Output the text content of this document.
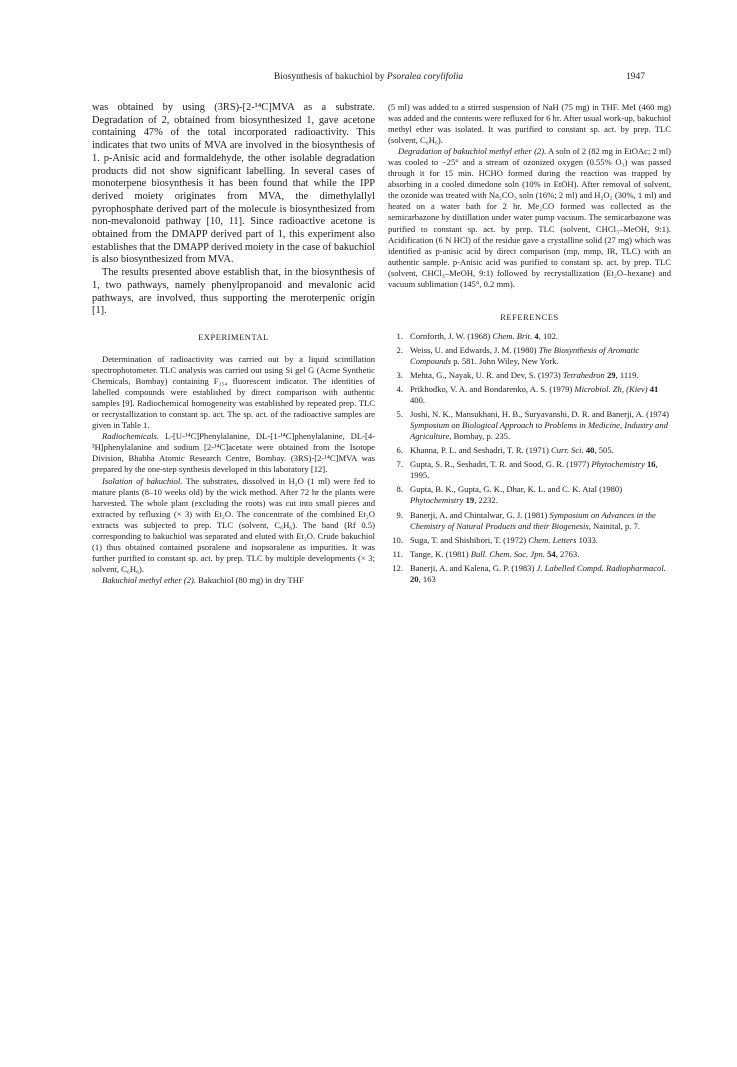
Biosynthesis of bakuchiol by Psoralea corylifolia	1947

was obtained by using (3RS)-[2-¹⁴C]MVA as a substrate. Degradation of 2, obtained from biosynthesized 1, gave acetone containing 47% of the total incorporated radioactivity. This indicates that two units of MVA are involved in the biosynthesis of 1. p-Anisic acid and formaldehyde, the other isolable degradation products did not show significant labelling. In several cases of monoterpene biosynthesis it has been found that while the IPP derived moiety originates from MVA, the dimethylallyl pyrophosphate derived part of the molecule is biosynthesized from non-mevalonoid pathway [10, 11]. Since radioactive acetone is obtained from the DMAPP derived part of 1, this experiment also establishes that the DMAPP derived moiety in the case of bakuchiol is also biosynthesized from MVA.

The results presented above establish that, in the biosynthesis of 1, two pathways, namely phenylpropanoid and mevalonic acid pathways, are involved, thus supporting the meroterpenic origin [1].

EXPERIMENTAL

Determination of radioactivity was carried out by a liquid scintillation spectrophotometer. TLC analysis was carried out using Si gel G (Acme Synthetic Chemicals, Bombay) containing F₂₅₄ fluorescent indicator. The identities of labelled compounds were established by direct comparison with authentic samples [9]. Radiochemical homogeneity was established by repeated prep. TLC or recrystallization to constant sp. act. The sp. act. of the radioactive samples are given in Table 1.

Radiochemicals. L-[U-¹⁴C]Phenylalanine, DL-[1-¹⁴C]phenylalanine, DL-[4-³H]phenylalanine and sodium [2-¹⁴C]acetate were obtained from the Isotope Division, Bhabha Atomic Research Centre, Bombay. (3RS)-[2-¹⁴C]MVA was prepared by the one-step synthesis developed in this laboratory [12].

Isolation of bakuchiol. The substrates, dissolved in H₂O (1 ml) were fed to mature plants (8–10 weeks old) by the wick method. After 72 hr the plants were harvested. The whole plant (excluding the roots) was cut into small pieces and extracted by refluxing (× 3) with Et₂O. The concentrate of the combined Et₂O extracts was subjected to prep. TLC (solvent, C₆H₆). The band (Rf 0.5) corresponding to bakuchiol was separated and eluted with Et₂O. Crude bakuchiol (1) thus obtained contained psoralene and isopsoralene as impurities. It was further purified to constant sp. act. by prep. TLC by multiple developments (× 3; solvent, C₆H₆).

Bakuchiol methyl ether (2). Bakuchiol (80 mg) in dry THF

(5 ml) was added to a stirred suspension of NaH (75 mg) in THF. MeI (460 mg) was added and the contents were refluxed for 6 hr. After usual work-up, bakuchiol methyl ether was isolated. It was purified to constant sp. act. by prep. TLC (solvent, C₆H₆).

Degradation of bakuchiol methyl ether (2). A soln of 2 (82 mg in EtOAc; 2 ml) was cooled to −25° and a stream of ozonized oxygen (0.55% O₃) was passed through it for 15 min. HCHO formed during the reaction was trapped by absorbing in a cooled dimedone soln (10% in EtOH). After removal of solvent, the ozonide was treated with Na₂CO₃ soln (16%; 2 ml) and H₂O₂ (30%, 1 ml) and heated on a water bath for 2 hr. Me₂CO formed was collected as the semicarbazone by distillation under water pump vacuum. The semicarbazone was purified to constant sp. act. by prep. TLC (solvent, CHCl₃–MeOH, 9:1). Acidification (6 N HCl) of the residue gave a crystalline solid (27 mg) which was identified as p-anisic acid by direct comparison (mp, mmp, IR, TLC) with an authentic sample. p-Anisic acid was purified to constant sp. act. by prep. TLC (solvent, CHCl₃–MeOH, 9:1) followed by recrystallization (Et₂O–hexane) and vacuum sublimation (145°, 0.2 mm).

REFERENCES
1. Cornforth, J. W. (1968) Chem. Brit. 4, 102.
2. Weiss, U. and Edwards, J. M. (1980) The Biosynthesis of Aromatic Compounds p. 581. John Wiley, New York.
3. Mehta, G., Nayak, U. R. and Dev, S. (1973) Tetrahedron 29, 1119.
4. Prikhodko, V. A. and Bondarenko, A. S. (1979) Microbiol. Zh, (Kiev) 41 400.
5. Joshi, N. K., Mansukhani, H. B., Suryavanshi, D. R. and Banerji, A. (1974) Symposium on Biological Approach to Problems in Medicine, Industry and Agriculture, Bombay, p. 235.
6. Khanna, P. L. and Seshadri, T. R. (1971) Curr. Sci. 40, 505.
7. Gupta, S. R., Seshadri, T. R. and Sood, G. R. (1977) Phytochemistry 16, 1995.
8. Gupta, B. K., Gupta, G. K., Dhar, K. L. and C. K. Atal (1980) Phytochemistry 19, 2232.
9. Banerji, A. and Chintalwar, G. J. (1981) Symposium on Advances in the Chemistry of Natural Products and their Biogenesis, Nainital, p. 7.
10. Suga, T. and Shishibori, T. (1972) Chem. Letters 1033.
11. Tange, K. (1981) Bull. Chem. Soc. Jpn. 54, 2763.
12. Banerji, A. and Kalena, G. P. (1983) J. Labelled Compd. Radiopharmacol. 20, 163
